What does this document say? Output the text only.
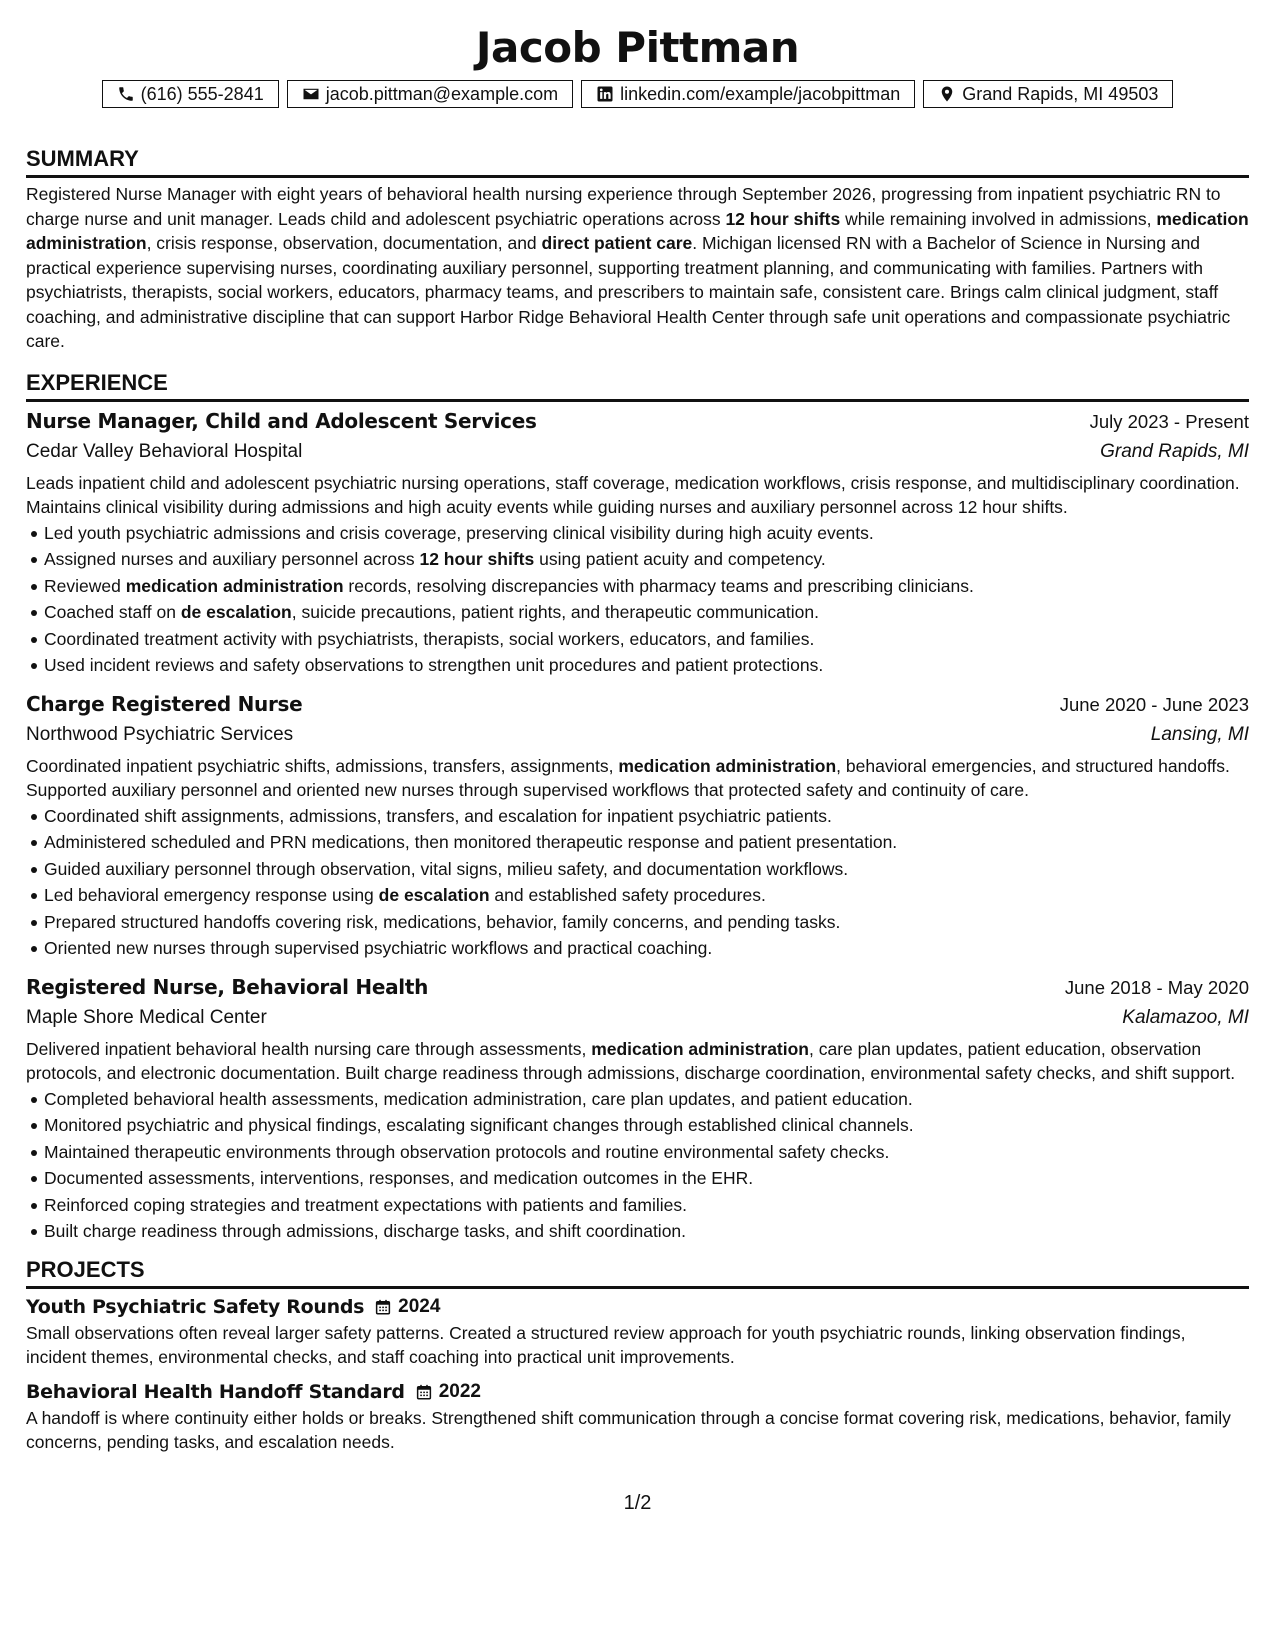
Jacob Pittman
(616) 555-2841	jacob.pittman@example.com	linkedin.com/example/jacobpittman	Grand Rapids, MI 49503
SUMMARY

Registered Nurse Manager with eight years of behavioral health nursing experience through September 2026, progressing from inpatient psychiatric RN to charge nurse and unit manager. Leads child and adolescent psychiatric operations across 12 hour shifts while remaining involved in admissions, medication administration, crisis response, observation, documentation, and direct patient care. Michigan licensed RN with a Bachelor of Science in Nursing and practical experience supervising nurses, coordinating auxiliary personnel, supporting treatment planning, and communicating with families. Partners with psychiatrists, therapists, social workers, educators, pharmacy teams, and prescribers to maintain safe, consistent care. Brings calm clinical judgment, staff coaching, and administrative discipline that can support Harbor Ridge Behavioral Health Center through safe unit operations and compassionate psychiatric care.

EXPERIENCE
Nurse Manager, Child and Adolescent Services	July 2023 - Present
Cedar Valley Behavioral Hospital	Grand Rapids, MI

Leads inpatient child and adolescent psychiatric nursing operations, staff coverage, medication workflows, crisis response, and multidisciplinary coordination. Maintains clinical visibility during admissions and high acuity events while guiding nurses and auxiliary personnel across 12 hour shifts.

Led youth psychiatric admissions and crisis coverage, preserving clinical visibility during high acuity events.
Assigned nurses and auxiliary personnel across 12 hour shifts using patient acuity and competency.
Reviewed medication administration records, resolving discrepancies with pharmacy teams and prescribing clinicians.
Coached staff on de escalation, suicide precautions, patient rights, and therapeutic communication.
Coordinated treatment activity with psychiatrists, therapists, social workers, educators, and families.
Used incident reviews and safety observations to strengthen unit procedures and patient protections.
Charge Registered Nurse	June 2020 - June 2023
Northwood Psychiatric Services	Lansing, MI

Coordinated inpatient psychiatric shifts, admissions, transfers, assignments, medication administration, behavioral emergencies, and structured handoffs. Supported auxiliary personnel and oriented new nurses through supervised workflows that protected safety and continuity of care.

Coordinated shift assignments, admissions, transfers, and escalation for inpatient psychiatric patients.
Administered scheduled and PRN medications, then monitored therapeutic response and patient presentation.
Guided auxiliary personnel through observation, vital signs, milieu safety, and documentation workflows.
Led behavioral emergency response using de escalation and established safety procedures.
Prepared structured handoffs covering risk, medications, behavior, family concerns, and pending tasks.
Oriented new nurses through supervised psychiatric workflows and practical coaching.
Registered Nurse, Behavioral Health	June 2018 - May 2020
Maple Shore Medical Center	Kalamazoo, MI

Delivered inpatient behavioral health nursing care through assessments, medication administration, care plan updates, patient education, observation protocols, and electronic documentation. Built charge readiness through admissions, discharge coordination, environmental safety checks, and shift support.

Completed behavioral health assessments, medication administration, care plan updates, and patient education.
Monitored psychiatric and physical findings, escalating significant changes through established clinical channels.
Maintained therapeutic environments through observation protocols and routine environmental safety checks.
Documented assessments, interventions, responses, and medication outcomes in the EHR.
Reinforced coping strategies and treatment expectations with patients and families.
Built charge readiness through admissions, discharge tasks, and shift coordination.
PROJECTS
Youth Psychiatric Safety Rounds 2024

Small observations often reveal larger safety patterns. Created a structured review approach for youth psychiatric rounds, linking observation findings, incident themes, environmental checks, and staff coaching into practical unit improvements.

Behavioral Health Handoff Standard 2022

A handoff is where continuity either holds or breaks. Strengthened shift communication through a concise format covering risk, medications, behavior, family concerns, pending tasks, and escalation needs.

1/2
